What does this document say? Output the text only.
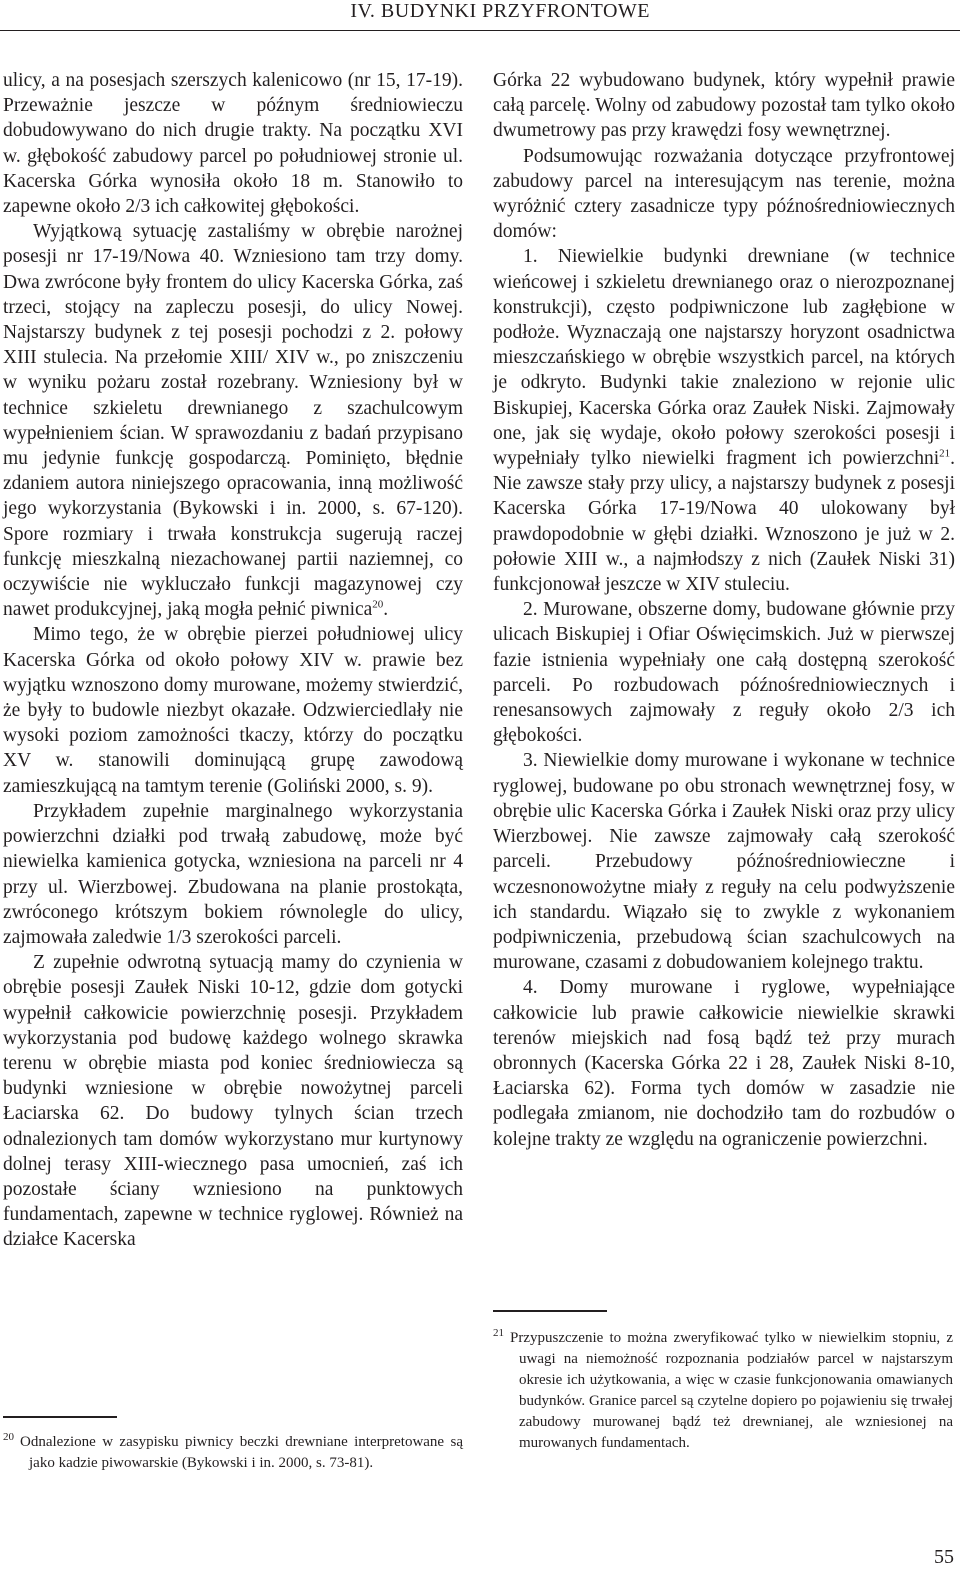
IV. BUDYNKI PRZYFRONTOWE

ulicy, a na posesjach szerszych kalenicowo (nr 15, 17-19). Przeważnie jeszcze w późnym średniowieczu dobudowywano do nich drugie trakty. Na początku XVI w. głębokość zabudowy parcel po południowej stronie ul. Kacerska Górka wynosiła około 18 m. Stanowiło to zapewne około 2/3 ich całkowitej głębokości.

Wyjątkową sytuację zastaliśmy w obrębie narożnej posesji nr 17-19/Nowa 40. Wzniesiono tam trzy domy. Dwa zwrócone były frontem do ulicy Kacerska Górka, zaś trzeci, stojący na zapleczu posesji, do ulicy Nowej. Najstarszy budynek z tej posesji pochodzi z 2. połowy XIII stulecia. Na przełomie XIII/ XIV w., po zniszczeniu w wyniku pożaru został rozebrany. Wzniesiony był w technice szkieletu drewnianego z szachulcowym wypełnieniem ścian. W sprawozdaniu z badań przypisano mu jedynie funkcję gospodarczą. Pominięto, błędnie zdaniem autora niniejszego opracowania, inną możliwość jego wykorzystania (Bykowski i in. 2000, s. 67-120). Spore rozmiary i trwała konstrukcja sugerują raczej funkcję mieszkalną niezachowanej partii naziemnej, co oczywiście nie wykluczało funkcji magazynowej czy nawet produkcyjnej, jaką mogła pełnić piwnica$^{20}$.

Mimo tego, że w obrębie pierzei południowej ulicy Kacerska Górka od około połowy XIV w. prawie bez wyjątku wznoszono domy murowane, możemy stwierdzić, że były to budowle niezbyt okazałe. Odzwierciedlały nie wysoki poziom zamożności tkaczy, którzy do początku XV w. stanowili dominującą grupę zawodową zamieszkującą na tamtym terenie (Goliński 2000, s. 9).

Przykładem zupełnie marginalnego wykorzystania powierzchni działki pod trwałą zabudowę, może być niewielka kamienica gotycka, wzniesiona na parceli nr 4 przy ul. Wierzbowej. Zbudowana na planie prostokąta, zwróconego krótszym bokiem równolegle do ulicy, zajmowała zaledwie 1/3 szerokości parceli.

Z zupełnie odwrotną sytuacją mamy do czynienia w obrębie posesji Zaułek Niski 10-12, gdzie dom gotycki wypełnił całkowicie powierzchnię posesji. Przykładem wykorzystania pod budowę każdego wolnego skrawka terenu w obrębie miasta pod koniec średniowiecza są budynki wzniesione w obrębie nowożytnej parceli Łaciarska 62. Do budowy tylnych ścian trzech odnalezionych tam domów wykorzystano mur kurtynowy dolnej terasy XIII-wiecznego pasa umocnień, zaś ich pozostałe ściany wzniesiono na punktowych fundamentach, zapewne w technice ryglowej. Również na działce Kacerska

Górka 22 wybudowano budynek, który wypełnił prawie całą parcelę. Wolny od zabudowy pozostał tam tylko około dwumetrowy pas przy krawędzi fosy wewnętrznej.

Podsumowując rozważania dotyczące przyfrontowej zabudowy parcel na interesującym nas terenie, można wyróżnić cztery zasadnicze typy późnośredniowiecznych domów:

1. Niewielkie budynki drewniane (w technice wieńcowej i szkieletu drewnianego oraz o nierozpoznanej konstrukcji), często podpiwniczone lub zagłębione w podłoże. Wyznaczają one najstarszy horyzont osadnictwa mieszczańskiego w obrębie wszystkich parcel, na których je odkryto. Budynki takie znaleziono w rejonie ulic Biskupiej, Kacerska Górka oraz Zaułek Niski. Zajmowały one, jak się wydaje, około połowy szerokości posesji i wypełniały tylko niewielki fragment ich powierzchni$^{21}$. Nie zawsze stały przy ulicy, a najstarszy budynek z posesji Kacerska Górka 17-19/Nowa 40 ulokowany był prawdopodobnie w głębi działki. Wznoszono je już w 2. połowie XIII w., a najmłodszy z nich (Zaułek Niski 31) funkcjonował jeszcze w XIV stuleciu.

2. Murowane, obszerne domy, budowane głównie przy ulicach Biskupiej i Ofiar Oświęcimskich. Już w pierwszej fazie istnienia wypełniały one całą dostępną szerokość parceli. Po rozbudowach późnośredniowiecznych i renesansowych zajmowały z reguły około 2/3 ich głębokości.

3. Niewielkie domy murowane i wykonane w technice ryglowej, budowane po obu stronach wewnętrznej fosy, w obrębie ulic Kacerska Górka i Zaułek Niski oraz przy ulicy Wierzbowej. Nie zawsze zajmowały całą szerokość parceli. Przebudowy późnośredniowieczne i wczesnonowożytne miały z reguły na celu podwyższenie ich standardu. Wiązało się to zwykle z wykonaniem podpiwniczenia, przebudową ścian szachulcowych na murowane, czasami z dobudowaniem kolejnego traktu.

4. Domy murowane i ryglowe, wypełniające całkowicie lub prawie całkowicie niewielkie skrawki terenów miejskich nad fosą bądź też przy murach obronnych (Kacerska Górka 22 i 28, Zaułek Niski 8-10, Łaciarska 62). Forma tych domów w zasadzie nie podlegała zmianom, nie dochodziło tam do rozbudów o kolejne trakty ze względu na ograniczenie powierzchni.

$^{21}$ Przypuszczenie to można zweryfikować tylko w niewielkim stopniu, z uwagi na niemożność rozpoznania podziałów parcel w najstarszym okresie ich użytkowania, a więc w czasie funkcjonowania omawianych budynków. Granice parcel są czytelne dopiero po pojawieniu się trwałej zabudowy murowanej bądź też drewnianej, ale wzniesionej na murowanych fundamentach.
$^{20}$ Odnalezione w zasypisku piwnicy beczki drewniane interpretowane są jako kadzie piwowarskie (Bykowski i in. 2000, s. 73-81).
55
